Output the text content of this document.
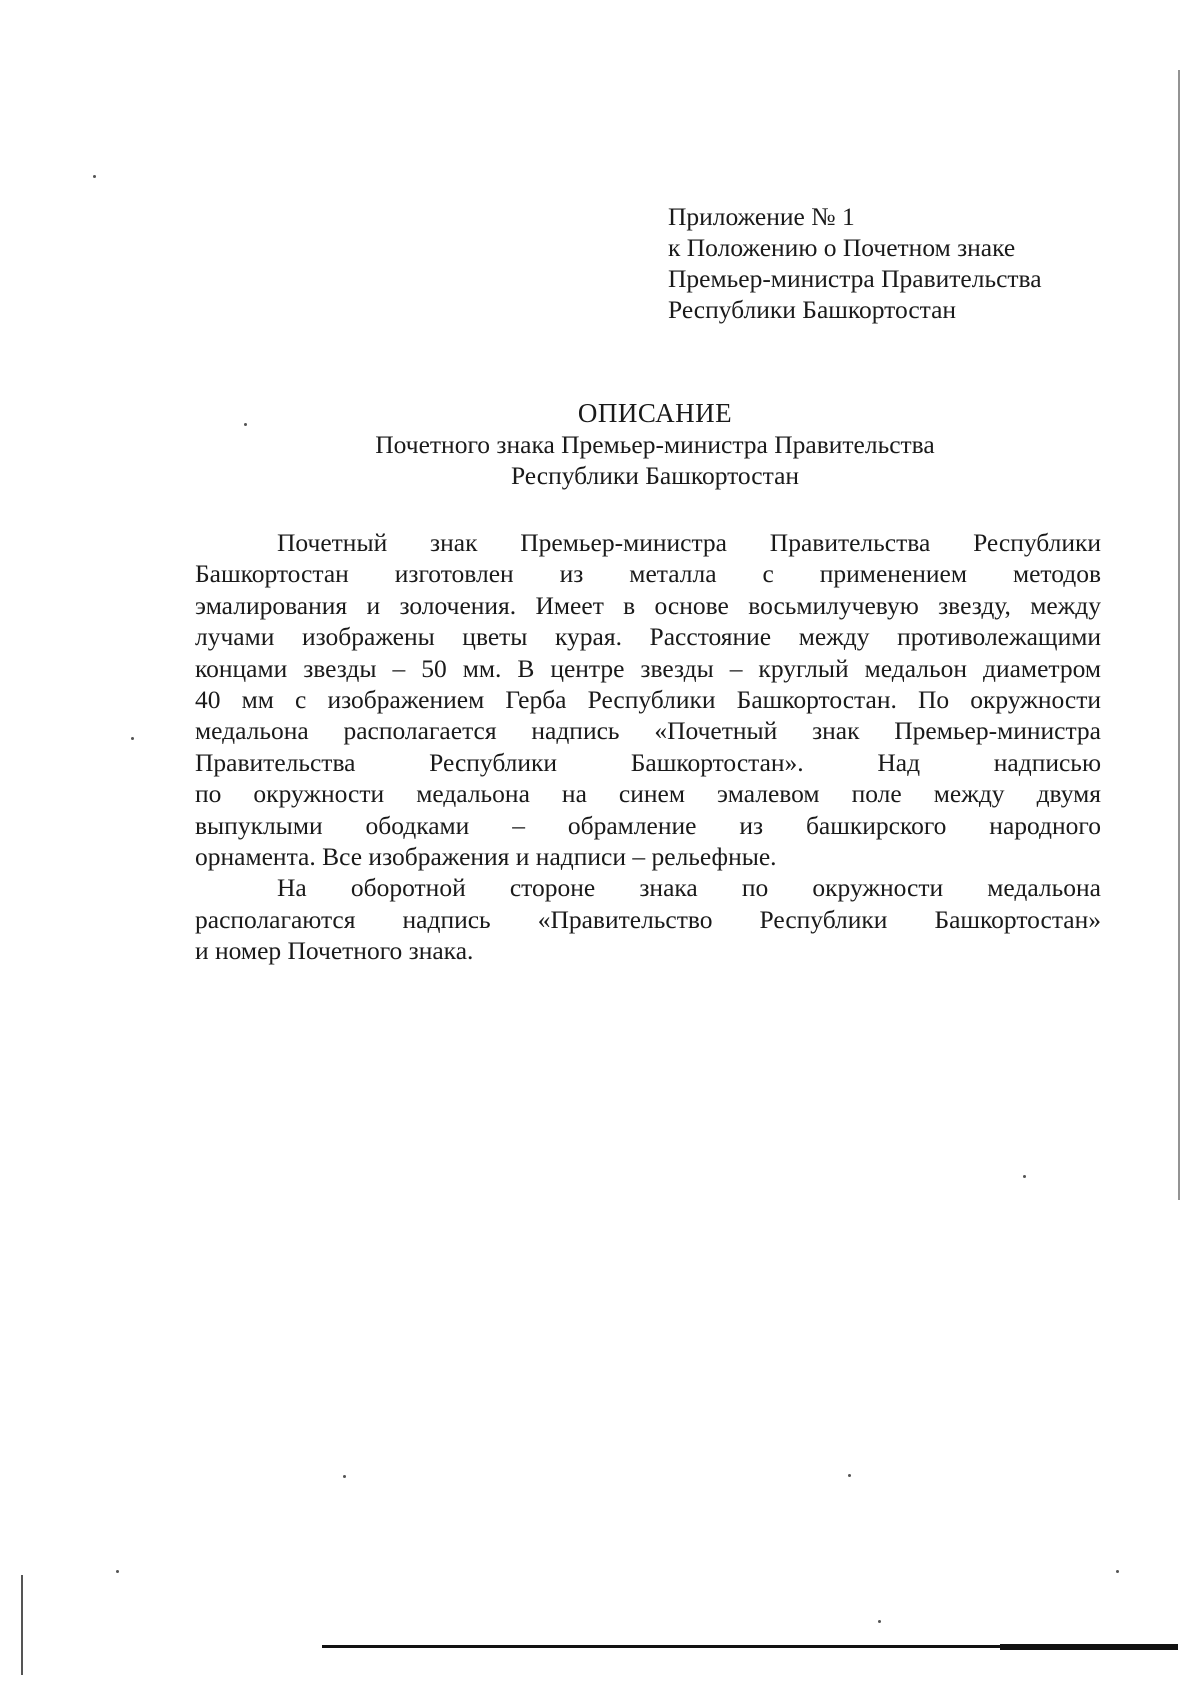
Приложение № 1
к Положению о Почетном знаке
Премьер-министра Правительства
Республики Башкортостан
ОПИСАНИЕ
Почетного знака Премьер-министра Правительства
Республики Башкортостан
Почетный знак Премьер-министра Правительства Республики
Башкортостан изготовлен из металла с применением методов
эмалирования и золочения. Имеет в основе восьмилучевую звезду, между
лучами изображены цветы курая. Расстояние между противолежащими
концами звезды – 50 мм. В центре звезды – круглый медальон диаметром
40 мм с изображением Герба Республики Башкортостан. По окружности
медальона располагается надпись «Почетный знак Премьер-министра
Правительства Республики Башкортостан». Над надписью
по окружности медальона на синем эмалевом поле между двумя
выпуклыми ободками – обрамление из башкирского народного
орнамента. Все изображения и надписи – рельефные.
На оборотной стороне знака по окружности медальона
располагаются надпись «Правительство Республики Башкортостан»
и номер Почетного знака.
